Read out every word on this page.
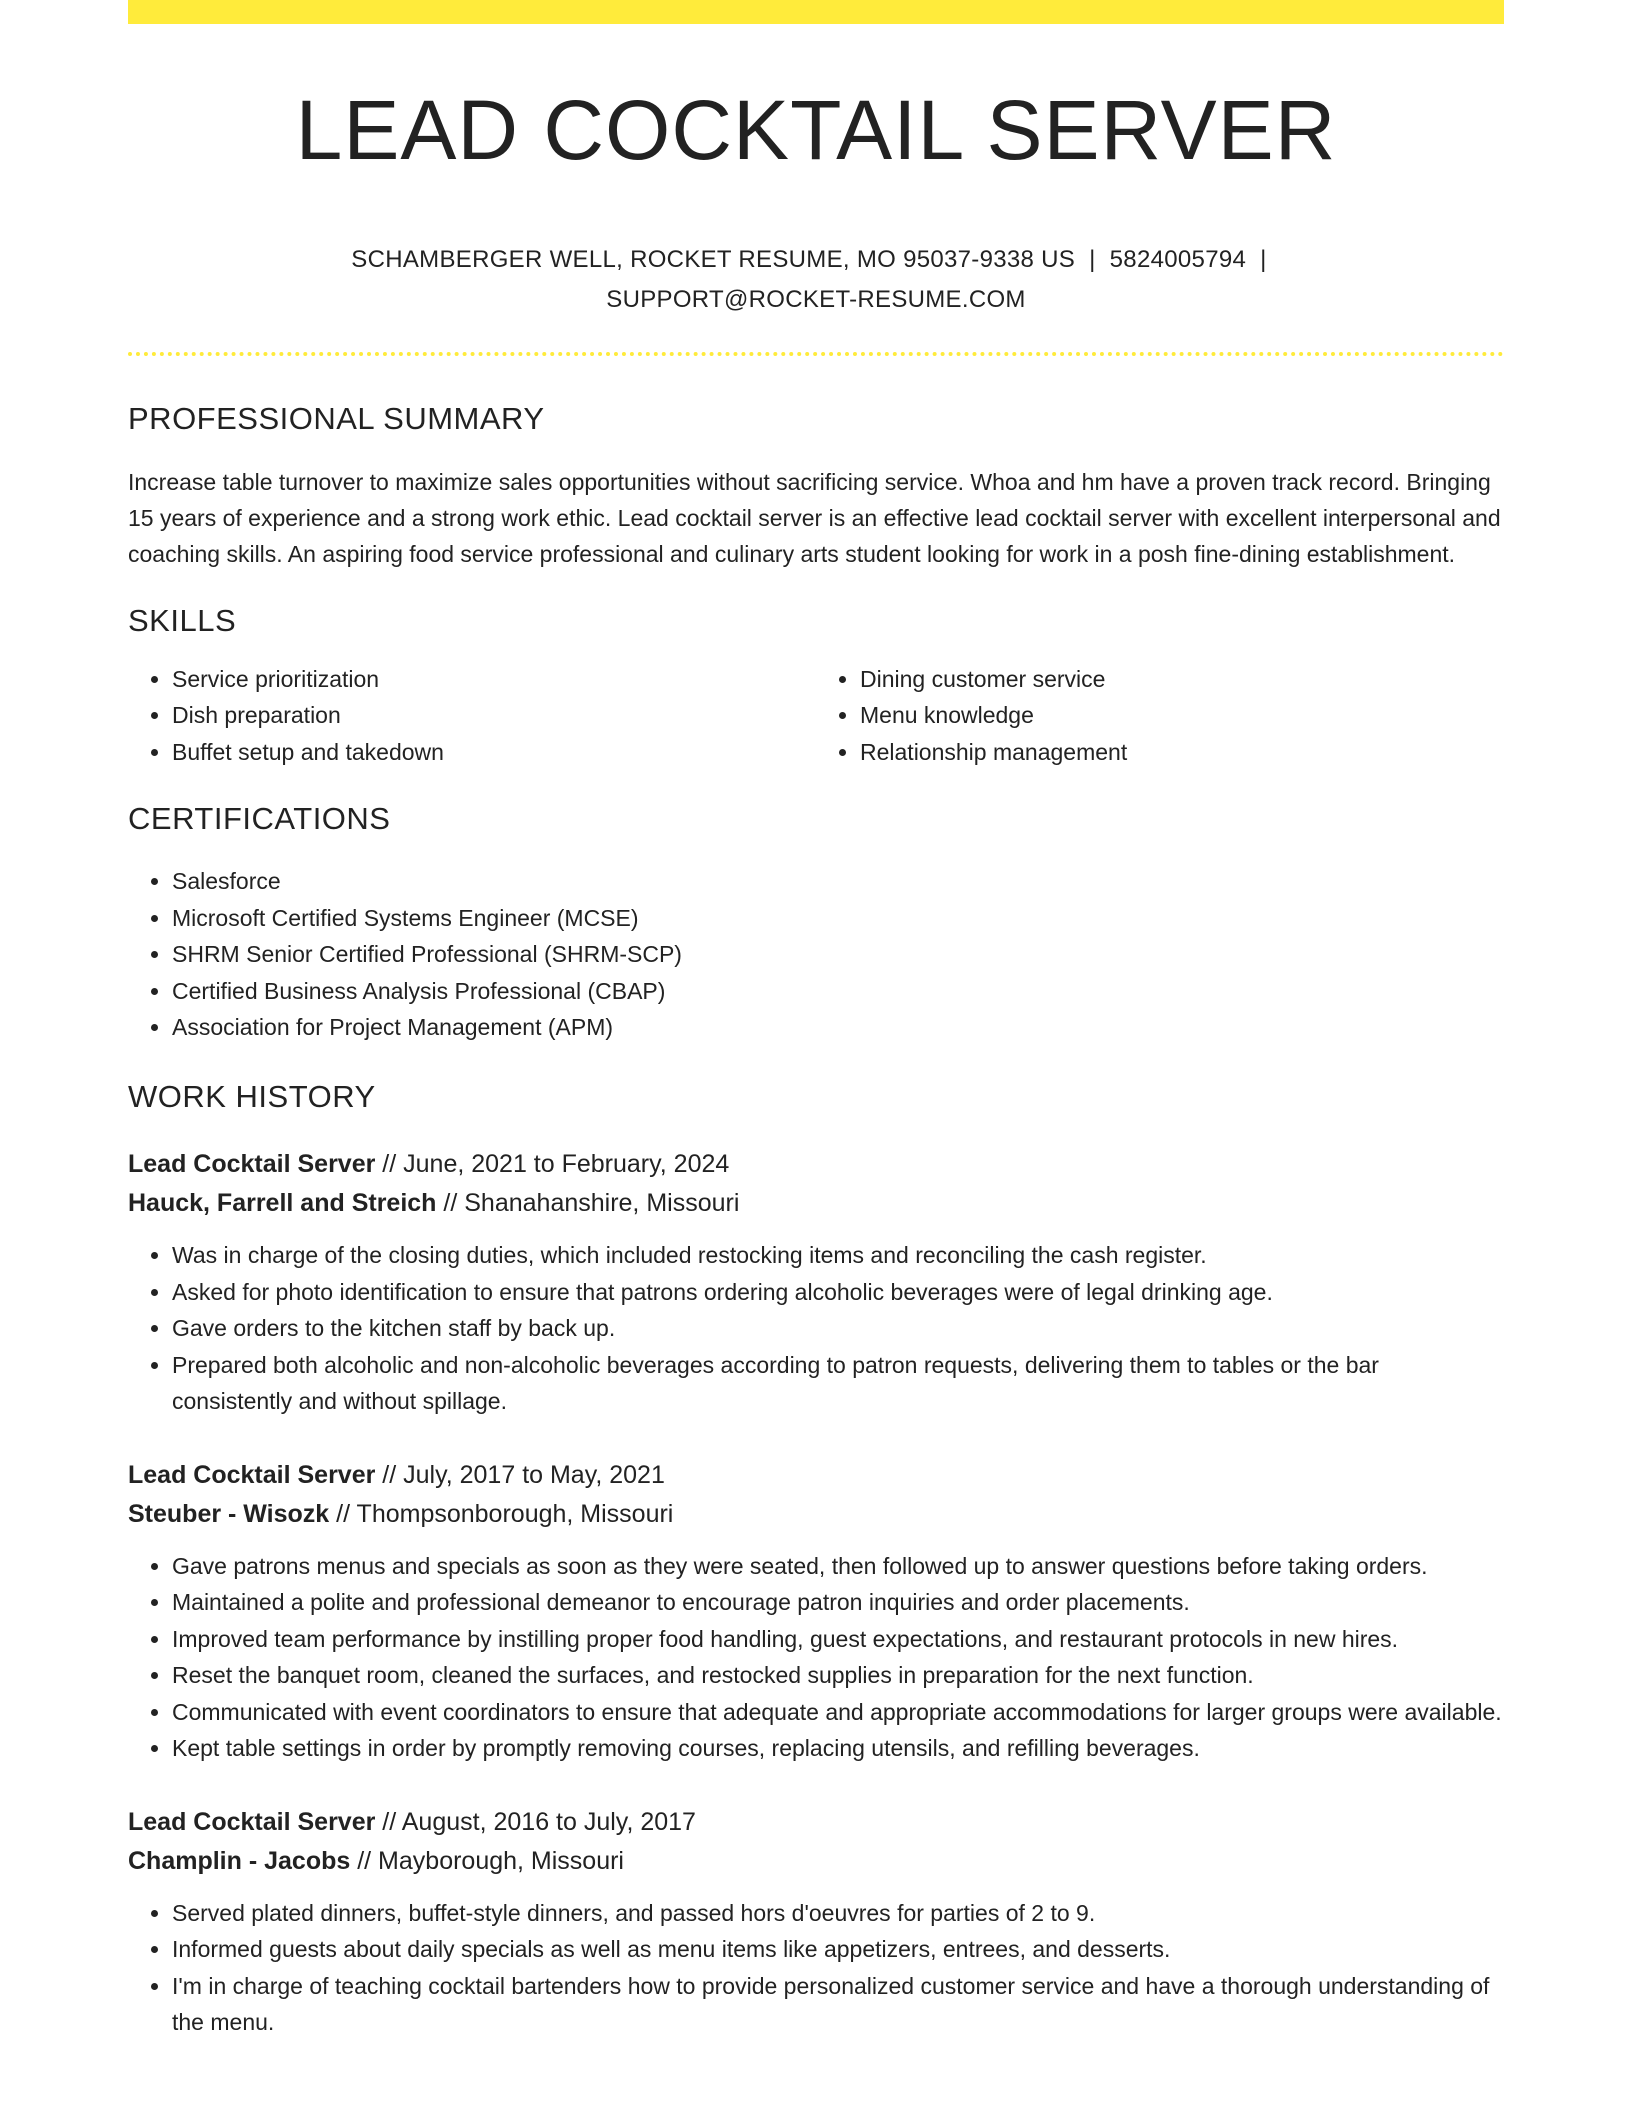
LEAD COCKTAIL SERVER
SCHAMBERGER WELL, ROCKET RESUME, MO 95037-9338 US | 5824005794 |
SUPPORT@ROCKET-RESUME.COM
PROFESSIONAL SUMMARY

Increase table turnover to maximize sales opportunities without sacrificing service. Whoa and hm have a proven track record. Bringing 15 years of experience and a strong work ethic. Lead cocktail server is an effective lead cocktail server with excellent interpersonal and coaching skills. An aspiring food service professional and culinary arts student looking for work in a posh fine-dining establishment.

SKILLS
• Service prioritization
• Dish preparation
• Buffet setup and takedown
• Dining customer service
• Menu knowledge
• Relationship management
CERTIFICATIONS
• Salesforce
• Microsoft Certified Systems Engineer (MCSE)
• SHRM Senior Certified Professional (SHRM-SCP)
• Certified Business Analysis Professional (CBAP)
• Association for Project Management (APM)
WORK HISTORY
Lead Cocktail Server // June, 2021 to February, 2024
Hauck, Farrell and Streich // Shanahanshire, Missouri
• Was in charge of the closing duties, which included restocking items and reconciling the cash register.
• Asked for photo identification to ensure that patrons ordering alcoholic beverages were of legal drinking age.
• Gave orders to the kitchen staff by back up.
• Prepared both alcoholic and non-alcoholic beverages according to patron requests, delivering them to tables or the bar consistently and without spillage.
Lead Cocktail Server // July, 2017 to May, 2021
Steuber - Wisozk // Thompsonborough, Missouri
• Gave patrons menus and specials as soon as they were seated, then followed up to answer questions before taking orders.
• Maintained a polite and professional demeanor to encourage patron inquiries and order placements.
• Improved team performance by instilling proper food handling, guest expectations, and restaurant protocols in new hires.
• Reset the banquet room, cleaned the surfaces, and restocked supplies in preparation for the next function.
• Communicated with event coordinators to ensure that adequate and appropriate accommodations for larger groups were available.
• Kept table settings in order by promptly removing courses, replacing utensils, and refilling beverages.
Lead Cocktail Server // August, 2016 to July, 2017
Champlin - Jacobs // Mayborough, Missouri
• Served plated dinners, buffet-style dinners, and passed hors d'oeuvres for parties of 2 to 9.
• Informed guests about daily specials as well as menu items like appetizers, entrees, and desserts.
• I'm in charge of teaching cocktail bartenders how to provide personalized customer service and have a thorough understanding of the menu.
